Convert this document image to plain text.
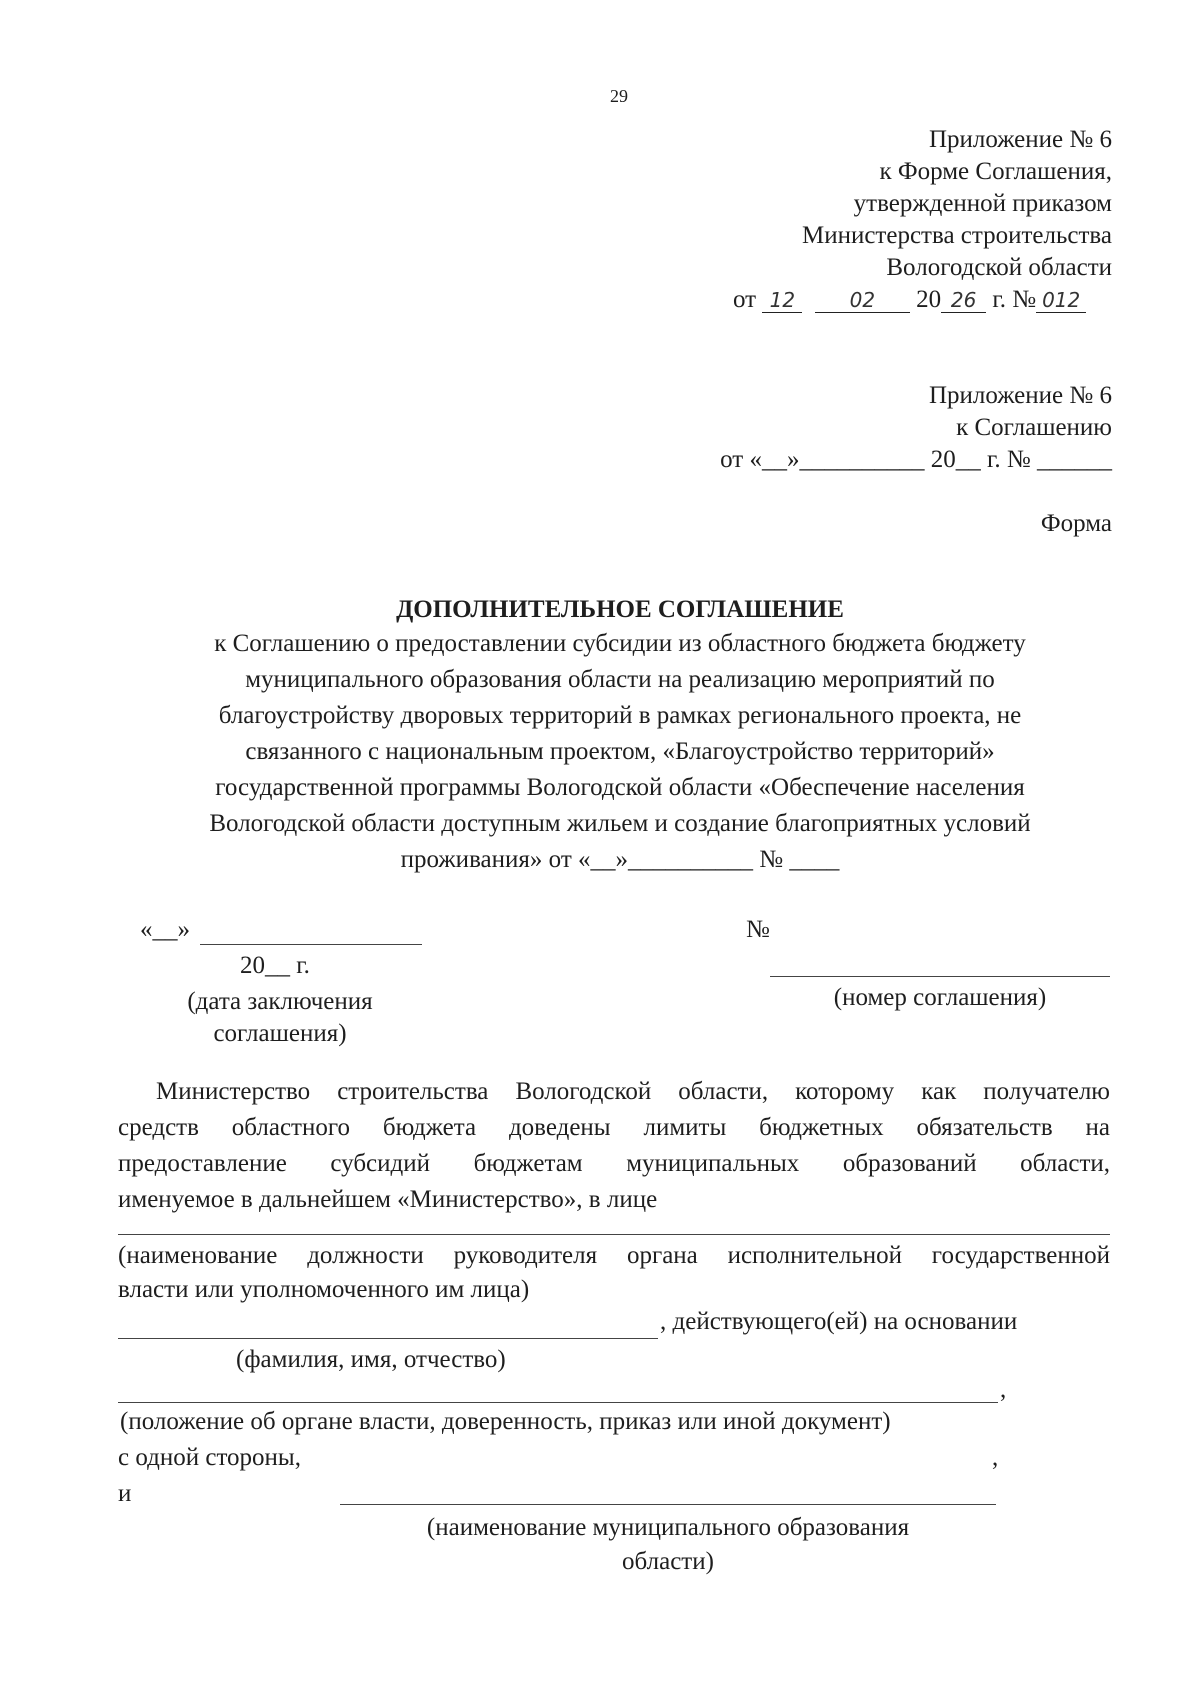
29
Приложение № 6
к Форме Соглашения,
утвержденной приказом
Министерства строительства
Вологодской области
от 12	02 20 26 г. № 012
Приложение № 6
к Соглашению
от «__»__________ 20__ г. № ______
Форма
ДОПОЛНИТЕЛЬНОЕ СОГЛАШЕНИЕ
к Соглашению о предоставлении субсидии из областного бюджета бюджету
муниципального образования области на реализацию мероприятий по
благоустройству дворовых территорий в рамках регионального проекта, не
связанного с национальным проектом, «Благоустройство территорий»
государственной программы Вологодской области «Обеспечение населения
Вологодской области доступным жильем и создание благоприятных условий
проживания» от «__»__________ № ____
«__»
20__ г.
(дата заключения
соглашения)
№
(номер соглашения)
Министерство строительства Вологодской области, которому как получателю
средств областного бюджета доведены лимиты бюджетных обязательств на
предоставление субсидий бюджетам муниципальных образований области,
именуемое в дальнейшем «Министерство», в лице
(наименование должности руководителя органа исполнительной государственной
власти или уполномоченного им лица)
, действующего(ей) на основании
(фамилия, имя, отчество)
,
(положение об органе власти, доверенность, приказ или иной документ)
с одной стороны,	,
и
(наименование муниципального образования
области)
